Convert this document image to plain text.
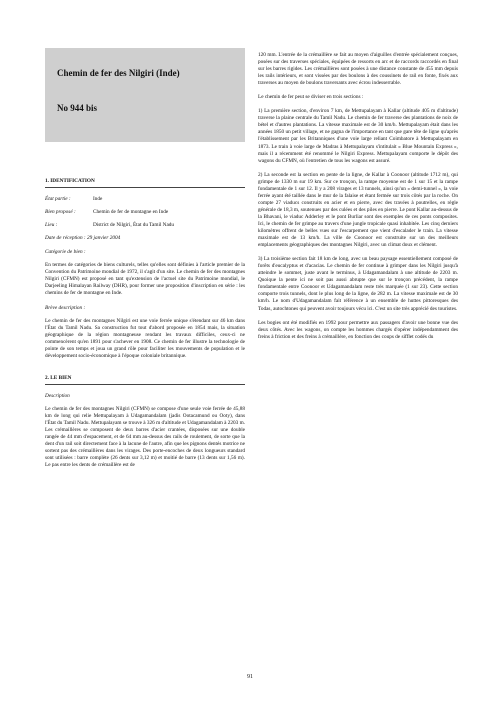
Chemin de fer des Nilgiri (Inde)
No 944 bis
1. IDENTIFICATION
État partie :	Inde
Bien proposé :	Chemin de fer de montagne en Inde
Lieu :	District de Nilgiri, État du Tamil Nadu
Date de réception : 29 janvier 2004
Catégorie de bien :

En termes de catégories de biens culturels, telles qu'elles sont définies à l'article premier de la Convention du Patrimoine mondial de 1972, il s'agit d'un site. Le chemin de fer des montagnes Nilgiri (CFMN) est proposé en tant qu'extension de l'actuel site du Patrimoine mondial, le Darjeeling Himalayan Railway (DHR), pour former une proposition d'inscription en série : les chemins de fer de montagne en Inde.

Brève description :

Le chemin de fer des montagnes Nilgiri est une voie ferrée unique s'étendant sur 46 km dans l'État du Tamil Nadu. Sa construction fut tout d'abord proposée en 1854 mais, la situation géographique de la région montagneuse rendant les travaux difficiles, ceux-ci ne commencèrent qu'en 1891 pour s'achever en 1908. Ce chemin de fer illustre la technologie de pointe de son temps et joua un grand rôle pour faciliter les mouvements de population et le développement socio-économique à l'époque coloniale britannique.

2. LE BIEN
Description

Le chemin de fer des montagnes Nilgiri (CFMN) se compose d'une seule voie ferrée de 45,88 km de long qui relie Mettupalayam à Udagamandalam (jadis Ootacamund ou Ooty), dans l'État du Tamil Nadu. Mettupalayam se trouve à 326 m d'altitude et Udagamandalam à 2203 m. Les crémaillères se composent de deux barres d'acier crantées, disposées sur une double rangée de 44 mm d'espacement, et de 64 mm au-dessus des rails de roulement, de sorte que la dent d'un rail soit directement face à la lacune de l'autre, afin que les pignons dentés motrice ne sortent pas des crémaillères dans les virages. Des porte-encoches de deux longueurs standard sont utilisées : barre complète (26 dents sur 3,12 m) et moitié de barre (13 dents sur 1,56 m). Le pas entre les dents de crémaillère est de

120 mm. L'entrée de la crémaillère se fait au moyen d'aiguilles d'entrée spécialement conçues, posées sur des traverses spéciales, équipées de ressorts en arc et de raccords raccordés en final sur les barres rigides. Les crémaillères sont posées à une distance constante de 455 mm depuis les rails intérieurs, et sont vissées par des boulons à des coussinets de rail en fonte, fixés aux traverses au moyen de boulons traversants avec écrou indesserrable.

Le chemin de fer peut se diviser en trois sections :

1) La première section, d'environ 7 km, de Mettupalayam à Kallar (altitude 405 m d'altitude) traverse la plaine centrale du Tamil Nadu. Le chemin de fer traverse des plantations de noix de bétel et d'autres plantations. La vitesse maximale est de 30 km/h. Mettupalayam était dans les années 1850 un petit village, et ne gagna de l'importance en tant que gare tête de ligne qu'après l'établissement par les Britanniques d'une voie large reliant Coimbatore à Mettupalayam en 1873. Le train à voie large de Madras à Mettupalayam s'intitulait « Blue Mountain Express », mais il a récemment été renommé le Nilgiri Express. Mettupalayam comporte le dépôt des wagons du CFMN, où l'entretien de tous les wagons est assuré.

2) La seconde est la section en pente de la ligne, de Kallar à Coonoor (altitude 1712 m), qui grimpe de 1330 m sur 19 km. Sur ce tronçon, la rampe moyenne est de 1 sur 15 et la rampe fondamentale de 1 sur 12. Il y a 208 virages et 13 tunnels, ainsi qu'un « demi-tunnel », la voie ferrée ayant été taillée dans le mur de la falaise et étant fermée sur trois côtés par la roche. On compte 27 viaducs construits en acier et en pierre, avec des travées à poutrelles, en règle générale de 18,3 m, soutenues par des culées et des piles en pierre. Le pont Kallar au-dessus de la Bhavani, le viaduc Adderley et le pont Burliar sont des exemples de ces ponts composites. Ici, le chemin de fer grimpe au travers d'une jungle tropicale quasi inhabitée. Les cinq derniers kilomètres offrent de belles vues sur l'escarpement que vient d'escalader le train. La vitesse maximale est de 13 km/h. La ville de Coonoor est construite sur un des meilleurs emplacements géographiques des montagnes Nilgiri, avec un climat doux et clément.

3) La troisième section fait 18 km de long, avec un beau paysage essentiellement composé de forêts d'eucalyptus et d'acacias. Le chemin de fer continue à grimper dans les Nilgiri jusqu'à atteindre le sommet, juste avant le terminus, à Udagamandalam à une altitude de 2203 m. Quoique la pente ici ne soit pas aussi abrupte que sur le tronçon précédent, la rampe fondamentale entre Coonoor et Udagamandalam reste très marquée (1 sur 23). Cette section comporte trois tunnels, dont le plus long de la ligne, de 282 m. La vitesse maximale est de 30 km/h. Le nom d'Udagamandalam fait référence à un ensemble de huttes pittoresques des Todas, autochtones qui peuvent avoir toujours vécu ici. C'est un site très apprécié des touristes.

Les bogies ont été modifiés en 1992 pour permettre aux passagers d'avoir une bonne vue des deux côtés. Avec les wagons, on compte les hommes chargés d'opérer indépendamment des freins à friction et des freins à crémaillère, en fonction des coups de sifflet codés du

91
